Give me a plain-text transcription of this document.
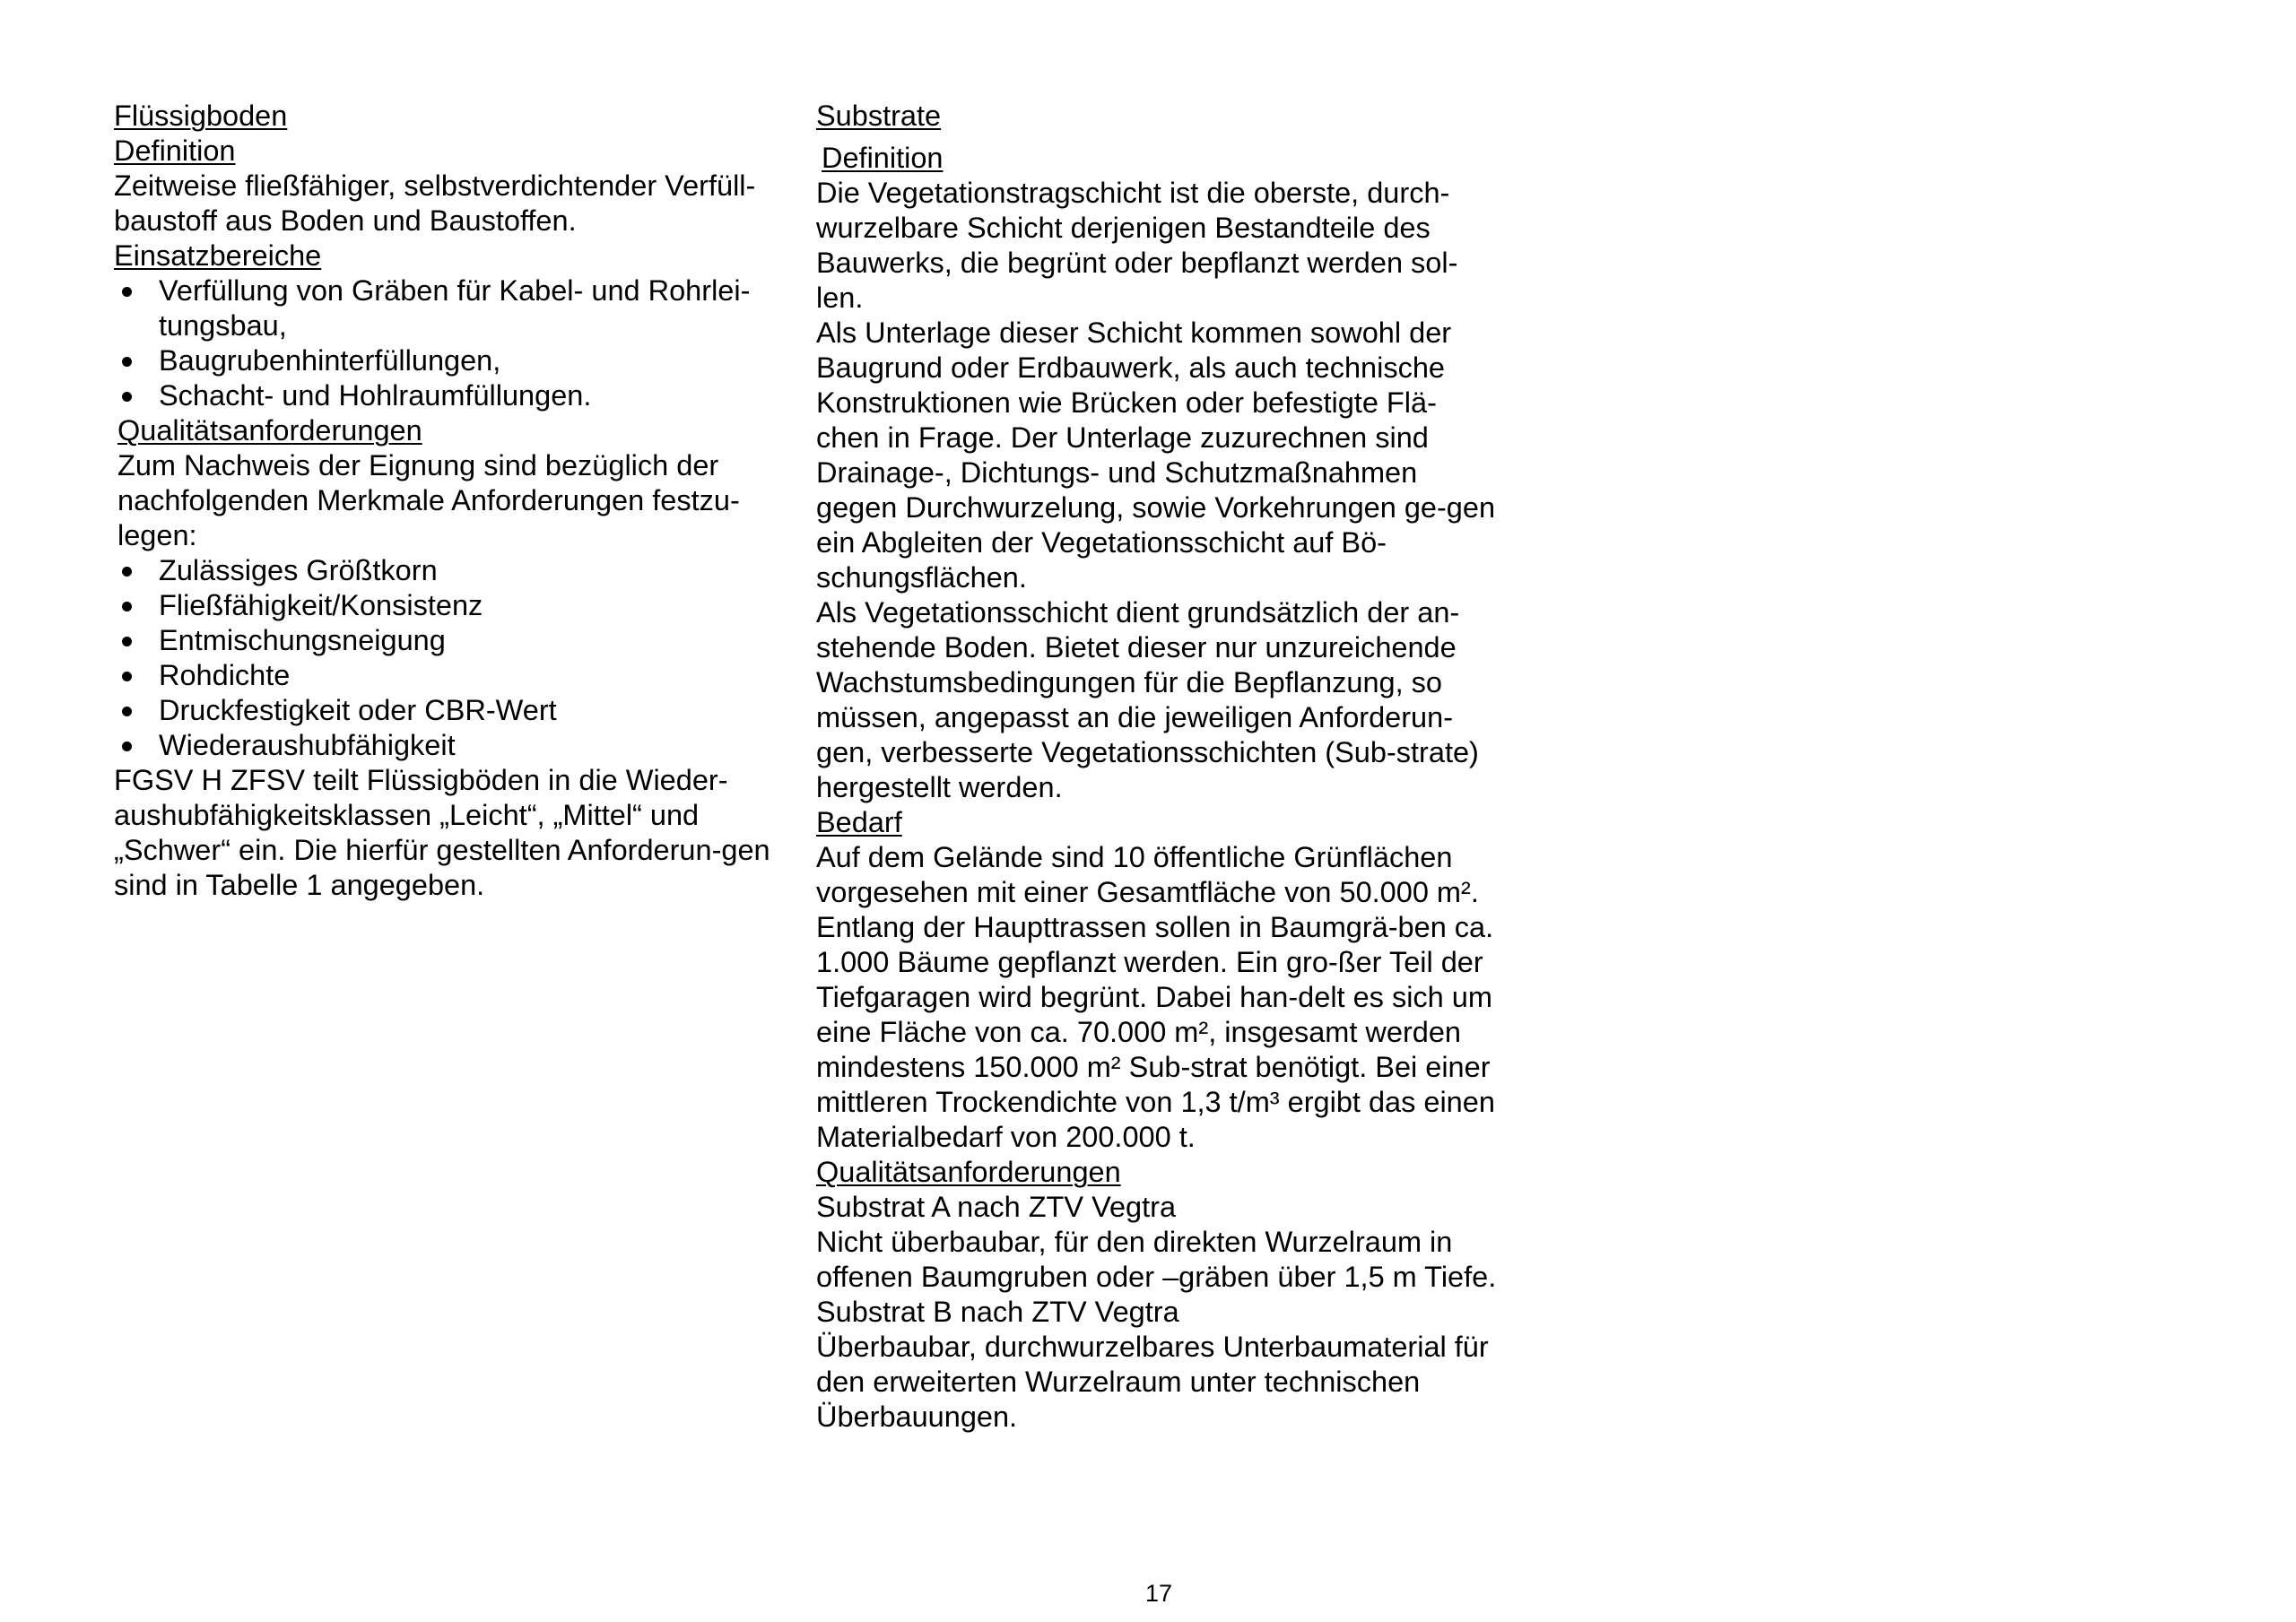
Flüssigboden
Definition

Zeitweise fließfähiger, selbstverdichtender Verfüll-baustoff aus Boden und Baustoffen.

Einsatzbereiche
Verfüllung von Gräben für Kabel- und Rohrlei-tungsbau,
Baugrubenhinterfüllungen,
Schacht- und Hohlraumfüllungen.
Qualitätsanforderungen

Zum Nachweis der Eignung sind bezüglich der nachfolgenden Merkmale Anforderungen festzu-legen:

Zulässiges Größtkorn
Fließfähigkeit/Konsistenz
Entmischungsneigung
Rohdichte
Druckfestigkeit oder CBR-Wert
Wiederaushubfähigkeit

FGSV H ZFSV teilt Flüssigböden in die Wieder-aushubfähigkeitsklassen „Leicht“, „Mittel“ und „Schwer“ ein. Die hierfür gestellten Anforderun-gen sind in Tabelle 1 angegeben.

Substrate
Definition

Die Vegetationstragschicht ist die oberste, durch-wurzelbare Schicht derjenigen Bestandteile des Bauwerks, die begrünt oder bepflanzt werden sol-len.

Als Unterlage dieser Schicht kommen sowohl der Baugrund oder Erdbauwerk, als auch technische Konstruktionen wie Brücken oder befestigte Flä-chen in Frage. Der Unterlage zuzurechnen sind Drainage-, Dichtungs- und Schutzmaßnahmen gegen Durchwurzelung, sowie Vorkehrungen ge-gen ein Abgleiten der Vegetationsschicht auf Bö-schungsflächen.

Als Vegetationsschicht dient grundsätzlich der an-stehende Boden. Bietet dieser nur unzureichende Wachstumsbedingungen für die Bepflanzung, so müssen, angepasst an die jeweiligen Anforderun-gen, verbesserte Vegetationsschichten (Sub-strate) hergestellt werden.

Bedarf

Auf dem Gelände sind 10 öffentliche Grünflächen vorgesehen mit einer Gesamtfläche von 50.000 m². Entlang der Haupttrassen sollen in Baumgrä-ben ca. 1.000 Bäume gepflanzt werden. Ein gro-ßer Teil der Tiefgaragen wird begrünt. Dabei han-delt es sich um eine Fläche von ca. 70.000 m², insgesamt werden mindestens 150.000 m² Sub-strat benötigt. Bei einer mittleren Trockendichte von 1,3 t/m³ ergibt das einen Materialbedarf von 200.000 t.

Qualitätsanforderungen
Substrat A nach ZTV Vegtra

Nicht überbaubar, für den direkten Wurzelraum in offenen Baumgruben oder –gräben über 1,5 m Tiefe.

Substrat B nach ZTV Vegtra

Überbaubar, durchwurzelbares Unterbaumaterial für den erweiterten Wurzelraum unter technischen Überbauungen.

17
